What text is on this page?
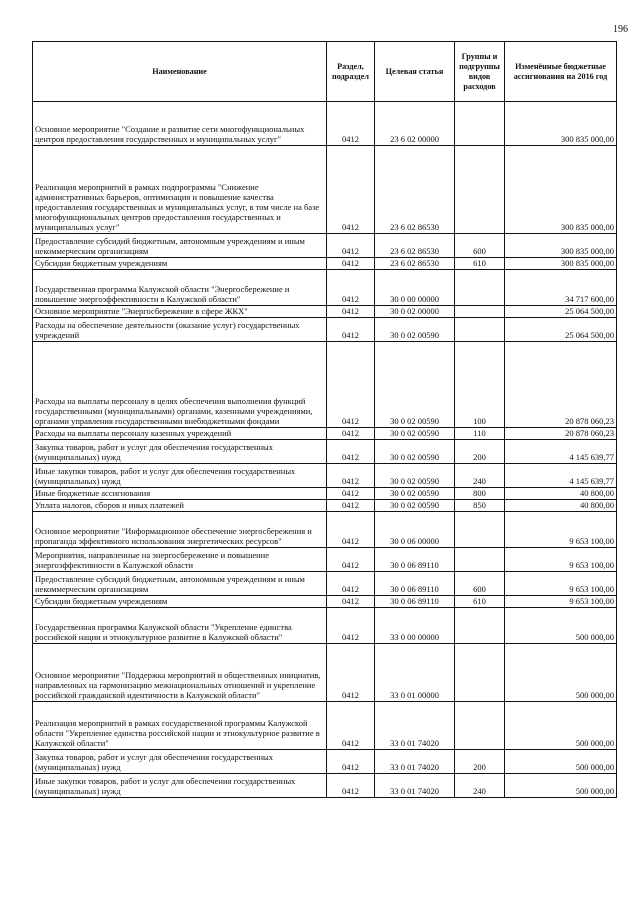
196
Наименование	Раздел, подраздел	Целевая статья	Группы и подгруппы видов расходов	Изменённые бюджетные ассигнования на 2016 год
Основное мероприятие "Создание и развитие сети многофункциональных центров предоставления государственных и муниципальных услуг"	0412	23 6 02 00000		300 835 000,00
Реализация мероприятий в рамках подпрограммы "Снижение административных барьеров, оптимизация и повышение качества предоставления государственных и муниципальных услуг, в том числе на базе многофункциональных центров предоставления государственных и муниципальных услуг"	0412	23 6 02 86530		300 835 000,00
Предоставление субсидий бюджетным, автономным учреждениям и иным некоммерческим организациям	0412	23 6 02 86530	600	300 835 000,00
Субсидии бюджетным учреждениям	0412	23 6 02 86530	610	300 835 000,00
Государственная программа Калужской области "Энергосбережение и повышение энергоэффективности в Калужской области"	0412	30 0 00 00000		34 717 600,00
Основное мероприятие "Энергосбережение в сфере ЖКХ"	0412	30 0 02 00000		25 064 500,00
Расходы на обеспечение деятельности (оказание услуг) государственных учреждений	0412	30 0 02 00590		25 064 500,00
Расходы на выплаты персоналу в целях обеспечения выполнения функций государственными (муниципальными) органами, казенными учреждениями, органами управления государственными внебюджетными фондами	0412	30 0 02 00590	100	20 878 060,23
Расходы на выплаты персоналу казенных учреждений	0412	30 0 02 00590	110	20 878 060,23
Закупка товаров, работ и услуг для обеспечения государственных (муниципальных) нужд	0412	30 0 02 00590	200	4 145 639,77
Иные закупки товаров, работ и услуг для обеспечения государственных (муниципальных) нужд	0412	30 0 02 00590	240	4 145 639,77
Иные бюджетные ассигнования	0412	30 0 02 00590	800	40 800,00
Уплата налогов, сборов и иных платежей	0412	30 0 02 00590	850	40 800,00
Основное мероприятие "Информационное обеспечение энергосбережения и пропаганда эффективного использования энергетических ресурсов"	0412	30 0 06 00000		9 653 100,00
Мероприятия, направленные на энергосбережение и повышение энергоэффективности в Калужской области	0412	30 0 06 89110		9 653 100,00
Предоставление субсидий бюджетным, автономным учреждениям и иным некоммерческим организациям	0412	30 0 06 89110	600	9 653 100,00
Субсидии бюджетным учреждениям	0412	30 0 06 89110	610	9 653 100,00
Государственная программа Калужской области "Укрепление единства российской нации и этнокультурное развитие в Калужской области"	0412	33 0 00 00000		500 000,00
Основное мероприятие "Поддержка мероприятий и общественных инициатив, направленных на гармонизацию межнациональных отношений и укрепление российской гражданской идентичности в Калужской области"	0412	33 0 01 00000		500 000,00
Реализация мероприятий в рамках государственной программы Калужской области "Укрепление единства российской нации и этнокультурное развитие в Калужской области"	0412	33 0 01 74020		500 000,00
Закупка товаров, работ и услуг для обеспечения государственных (муниципальных) нужд	0412	33 0 01 74020	200	500 000,00
Иные закупки товаров, работ и услуг для обеспечения государственных (муниципальных) нужд	0412	33 0 01 74020	240	500 000,00
